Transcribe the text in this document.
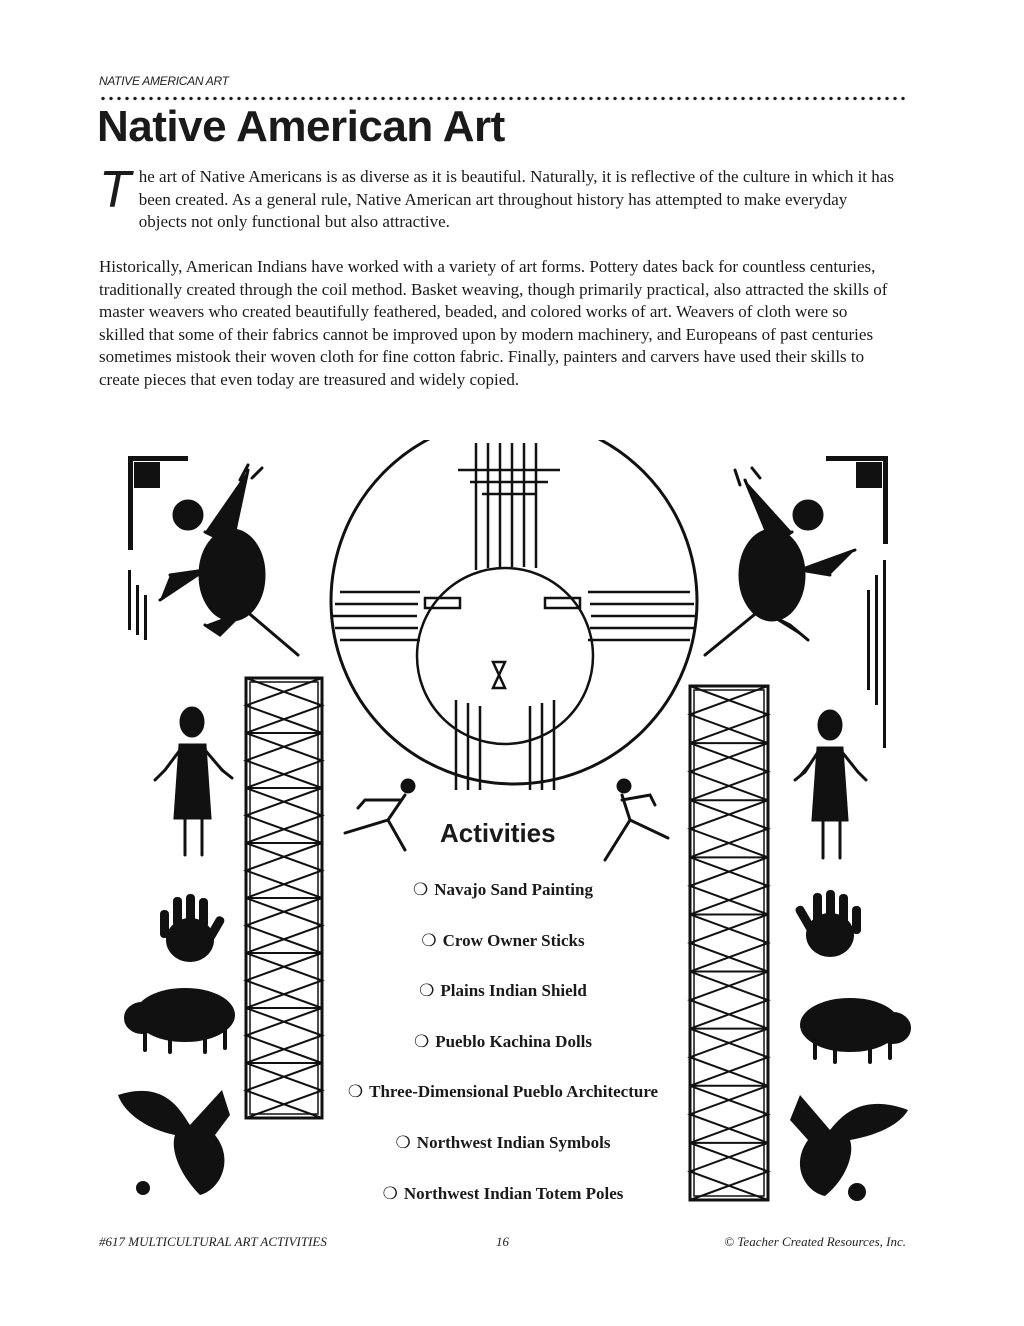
NATIVE AMERICAN ART
Native American Art
T he art of Native Americans is as diverse as it is beautiful. Naturally, it is reflective of the culture in which it has been created. As a general rule, Native American art throughout history has attempted to make everyday objects not only functional but also attractive.

Historically, American Indians have worked with a variety of art forms. Pottery dates back for countless centuries, traditionally created through the coil method. Basket weaving, though primarily practical, also attracted the skills of master weavers who created beautifully feathered, beaded, and colored works of art. Weavers of cloth were so skilled that some of their fabrics cannot be improved upon by modern machinery, and Europeans of past centuries sometimes mistook their woven cloth for fine cotton fabric. Finally, painters and carvers have used their skills to create pieces that even today are treasured and widely copied.

Activities
❍ Navajo Sand Painting
❍ Crow Owner Sticks
❍ Plains Indian Shield
❍ Pueblo Kachina Dolls
❍ Three-Dimensional Pueblo Architecture
❍ Northwest Indian Symbols
❍ Northwest Indian Totem Poles
#617 MULTICULTURAL ART ACTIVITIES	16	© Teacher Created Resources, Inc.
